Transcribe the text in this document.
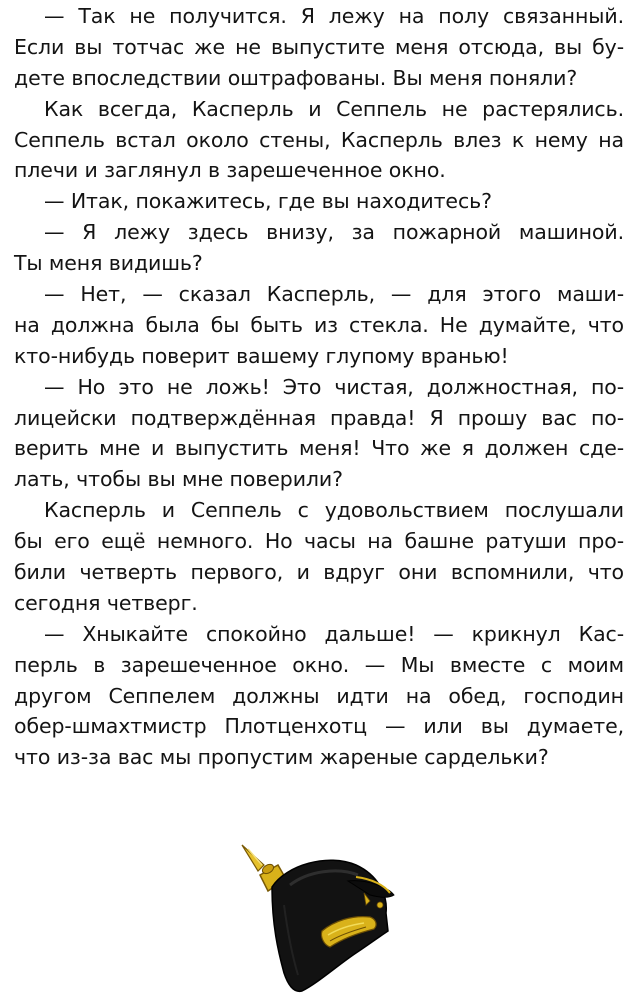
— Так не получится. Я лежу на полу связанный.
Если вы тотчас же не выпустите меня отсюда, вы бу-
дете впоследствии оштрафованы. Вы меня поняли?
Как всегда, Касперль и Сеппель не растерялись.
Сеппель встал около стены, Касперль влез к нему на
плечи и заглянул в зарешеченное окно.
— Итак, покажитесь, где вы находитесь?
— Я лежу здесь внизу, за пожарной машиной.
Ты меня видишь?
— Нет, — сказал Касперль, — для этого маши-
на должна была бы быть из стекла. Не думайте, что
кто-нибудь поверит вашему глупому вранью!
— Но это не ложь! Это чистая, должностная, по-
лицейски подтверждённая правда! Я прошу вас по-
верить мне и выпустить меня! Что же я должен сде-
лать, чтобы вы мне поверили?
Касперль и Сеппель с удовольствием послушали
бы его ещё немного. Но часы на башне ратуши про-
били четверть первого, и вдруг они вспомнили, что
сегодня четверг.
— Хныкайте спокойно дальше! — крикнул Кас-
перль в зарешеченное окно. — Мы вместе с моим
другом Сеппелем должны идти на обед, господин
обер-шмахтмистр Плотценхотц — или вы думаете,
что из-за вас мы пропустим жареные сардельки?
